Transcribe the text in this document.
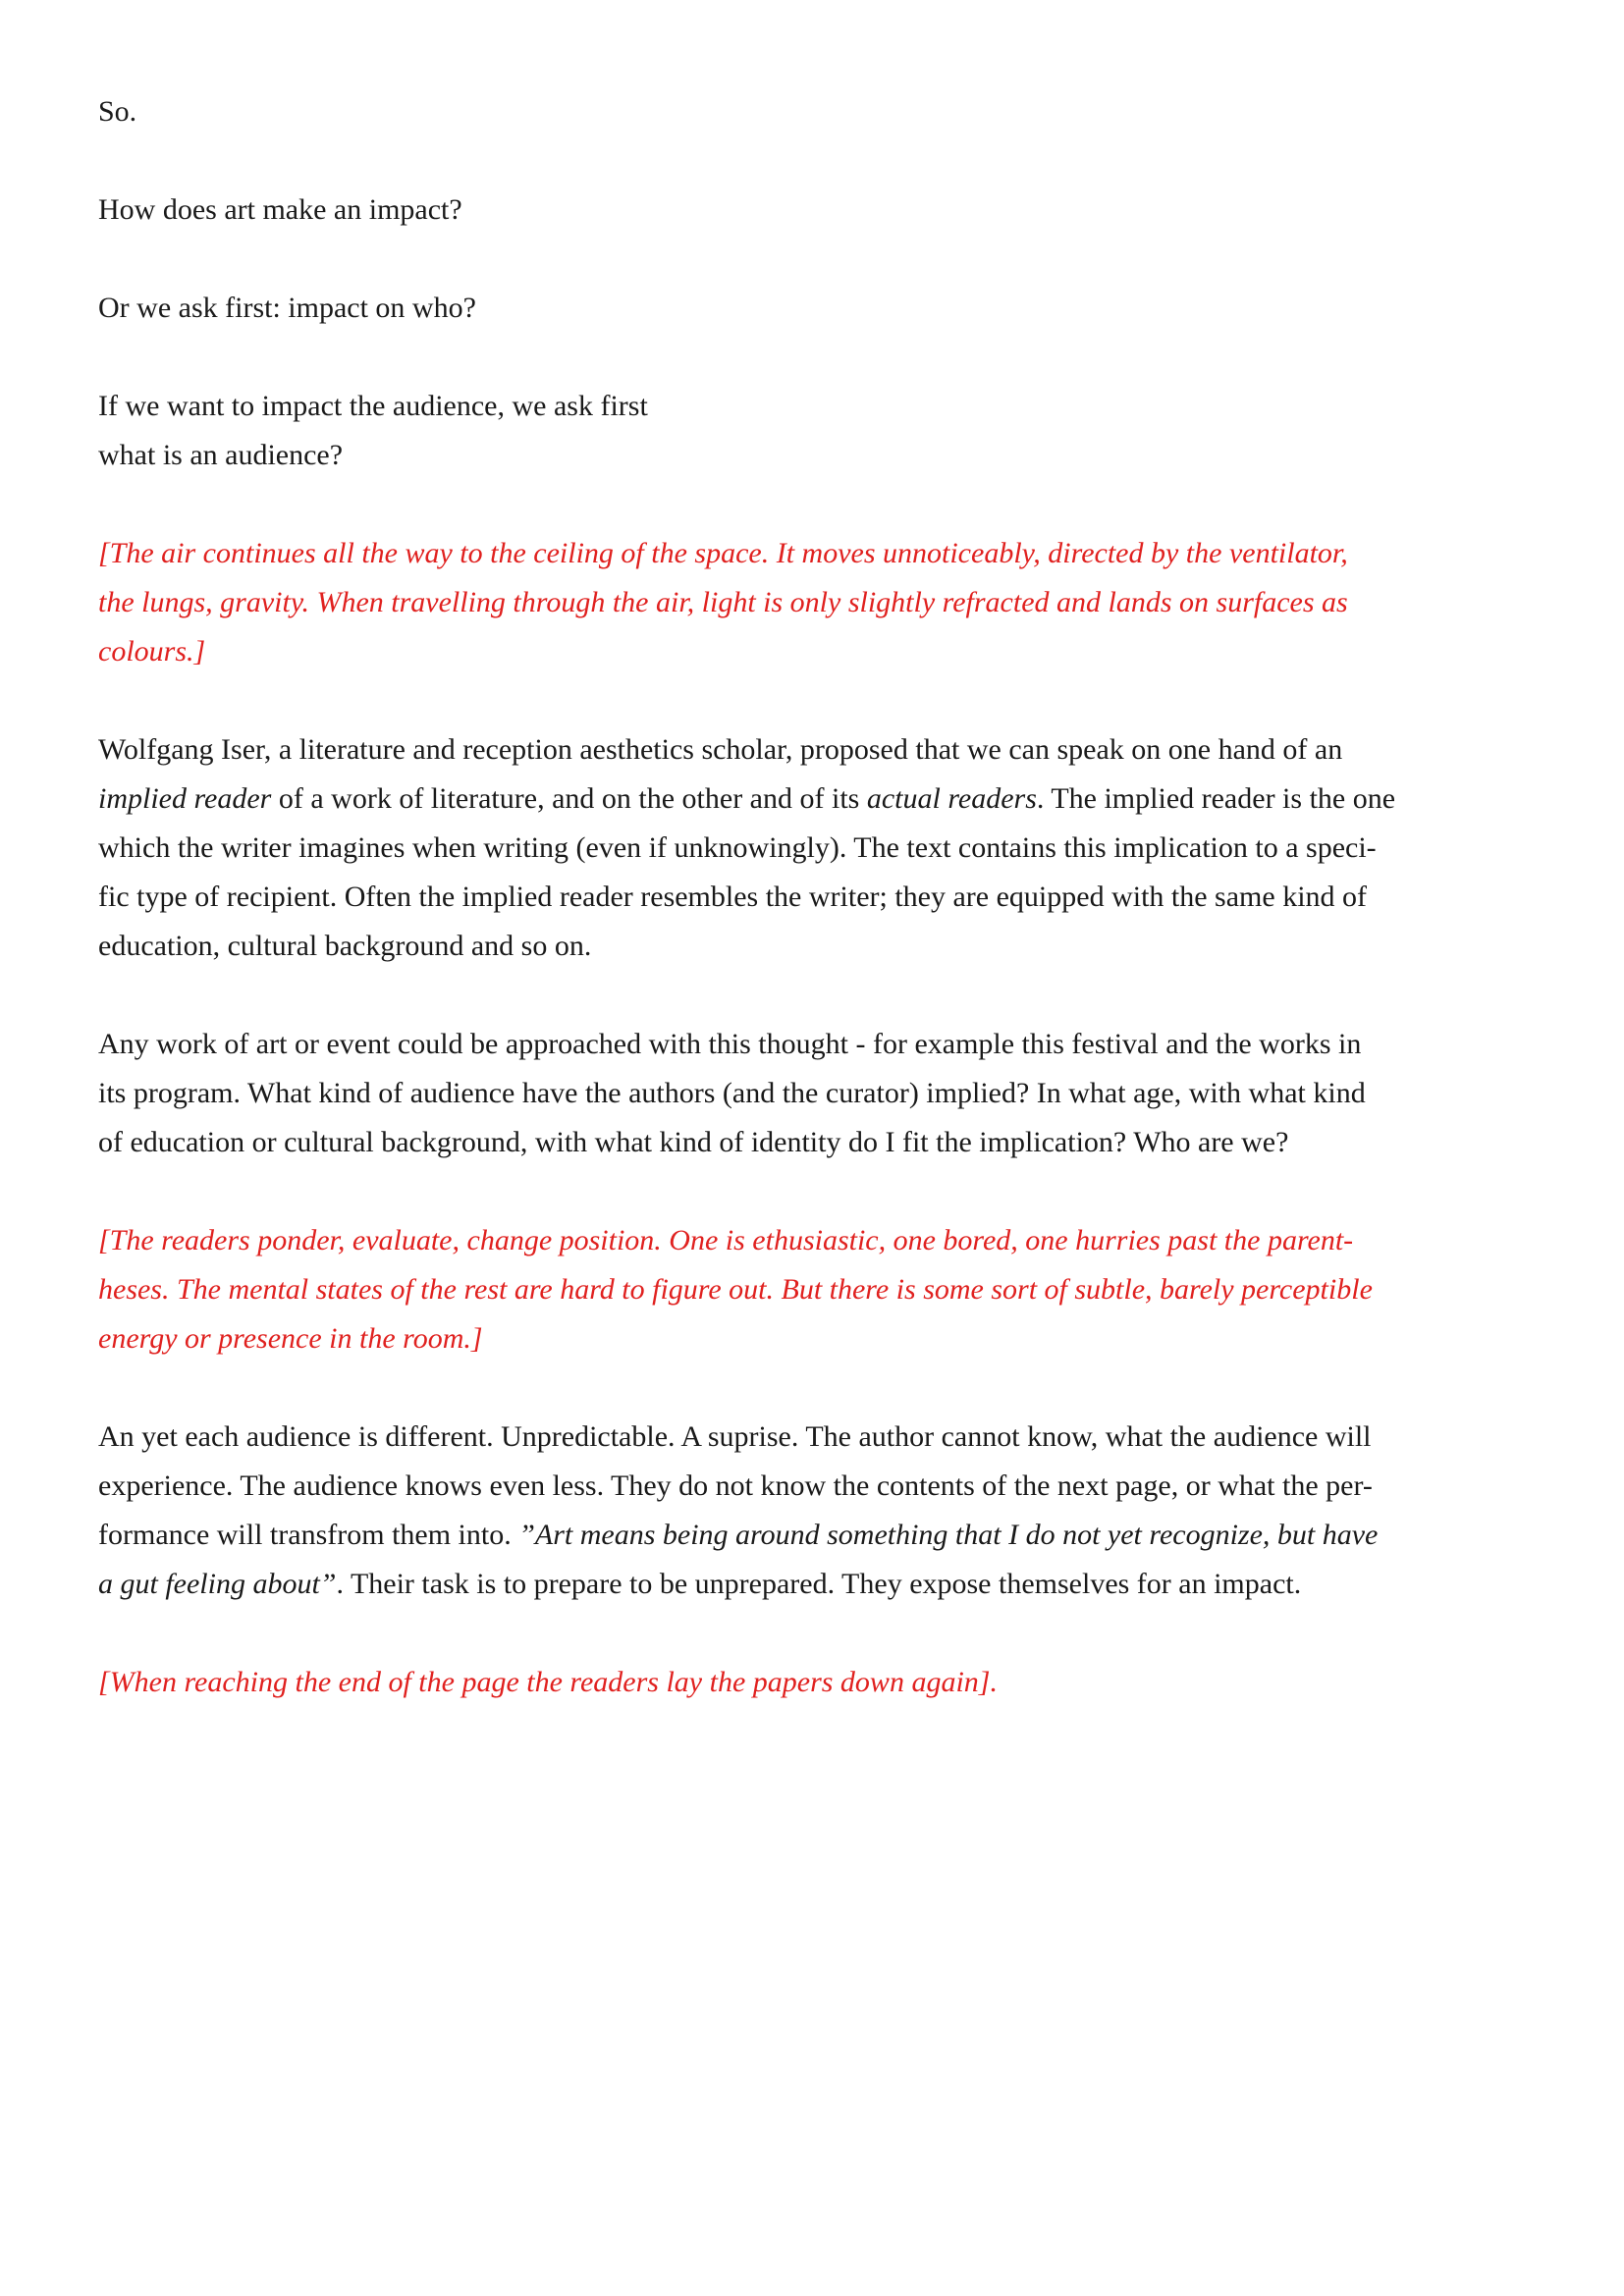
So.

How does art make an impact?

Or we ask first: impact on who?

If we want to impact the audience, we ask first
what is an audience?

[The air continues all the way to the ceiling of the space. It moves unnoticeably, directed by the ventilator,
the lungs, gravity. When travelling through the air, light is only slightly refracted and lands on surfaces as
colours.]

Wolfgang Iser, a literature and reception aesthetics scholar, proposed that we can speak on one hand of an
implied reader of a work of literature, and on the other and of its actual readers. The implied reader is the one
which the writer imagines when writing (even if unknowingly). The text contains this implication to a speci-
fic type of recipient. Often the implied reader resembles the writer; they are equipped with the same kind of
education, cultural background and so on.

Any work of art or event could be approached with this thought - for example this festival and the works in
its program. What kind of audience have the authors (and the curator) implied? In what age, with what kind
of education or cultural background, with what kind of identity do I fit the implication? Who are we?

[The readers ponder, evaluate, change position. One is ethusiastic, one bored, one hurries past the parent-
heses. The mental states of the rest are hard to figure out. But there is some sort of subtle, barely perceptible
energy or presence in the room.]

An yet each audience is different. Unpredictable. A suprise. The author cannot know, what the audience will
experience. The audience knows even less. They do not know the contents of the next page, or what the per-
formance will transfrom them into. ”Art means being around something that I do not yet recognize, but have
a gut feeling about”. Their task is to prepare to be unprepared. They expose themselves for an impact.

[When reaching the end of the page the readers lay the papers down again].
